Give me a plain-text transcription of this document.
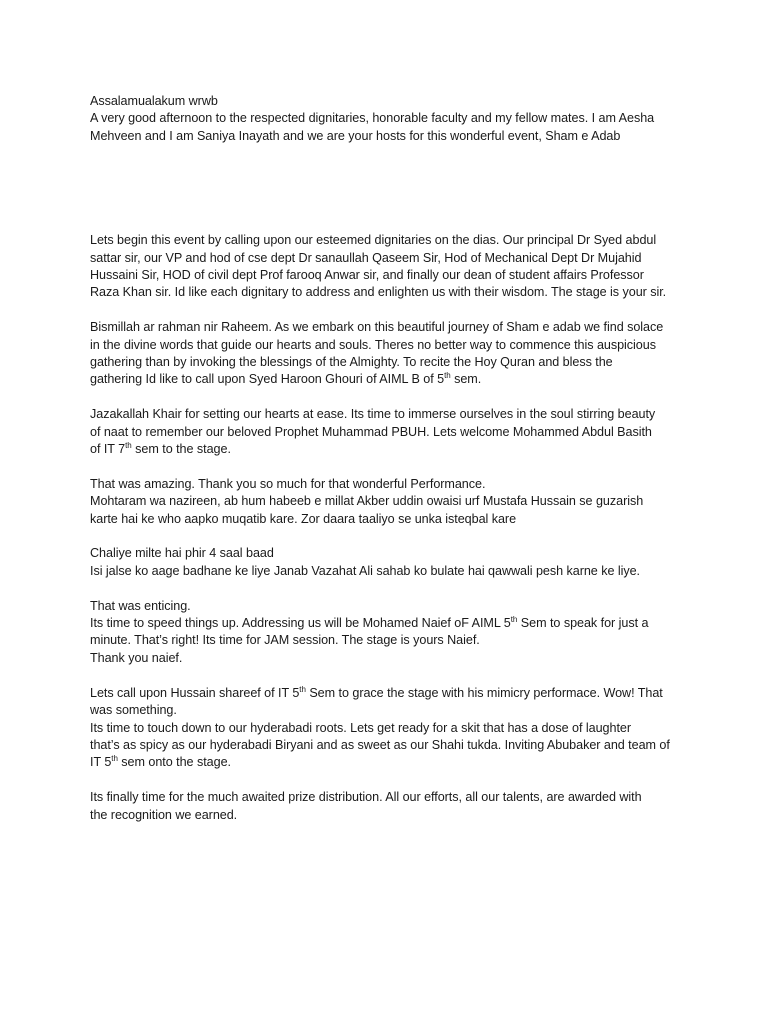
Assalamualakum wrwb
A very good afternoon to the respected dignitaries, honorable faculty and my fellow mates. I am Aesha
Mehveen and I am Saniya Inayath and we are your hosts for this wonderful event, Sham e Adab
Lets begin this event by calling upon our esteemed dignitaries on the dias. Our principal Dr Syed abdul
sattar sir, our VP and hod of cse dept Dr sanaullah Qaseem Sir, Hod of Mechanical Dept Dr Mujahid
Hussaini Sir, HOD of civil dept Prof farooq Anwar sir, and finally our dean of student affairs Professor
Raza Khan sir. Id like each dignitary to address and enlighten us with their wisdom. The stage is your sir.
Bismillah ar rahman nir Raheem. As we embark on this beautiful journey of Sham e adab we find solace
in the divine words that guide our hearts and souls. Theres no better way to commence this auspicious
gathering than by invoking the blessings of the Almighty. To recite the Hoy Quran and bless the
gathering Id like to call upon Syed Haroon Ghouri of AIML B of 5th sem.
Jazakallah Khair for setting our hearts at ease. Its time to immerse ourselves in the soul stirring beauty
of naat to remember our beloved Prophet Muhammad PBUH. Lets welcome Mohammed Abdul Basith
of IT 7th sem to the stage.
That was amazing. Thank you so much for that wonderful Performance.
Mohtaram wa nazireen, ab hum habeeb e millat Akber uddin owaisi urf Mustafa Hussain se guzarish
karte hai ke who aapko muqatib kare. Zor daara taaliyo se unka isteqbal kare
Chaliye milte hai phir 4 saal baad
Isi jalse ko aage badhane ke liye Janab Vazahat Ali sahab ko bulate hai qawwali pesh karne ke liye.
That was enticing.
Its time to speed things up. Addressing us will be Mohamed Naief oF AIML 5th Sem to speak for just a
minute. That’s right! Its time for JAM session. The stage is yours Naief.
Thank you naief.
Lets call upon Hussain shareef of IT 5th Sem to grace the stage with his mimicry performace. Wow! That
was something.
Its time to touch down to our hyderabadi roots. Lets get ready for a skit that has a dose of laughter
that’s as spicy as our hyderabadi Biryani and as sweet as our Shahi tukda. Inviting Abubaker and team of
IT 5th sem onto the stage.
Its finally time for the much awaited prize distribution. All our efforts, all our talents, are awarded with
the recognition we earned.
